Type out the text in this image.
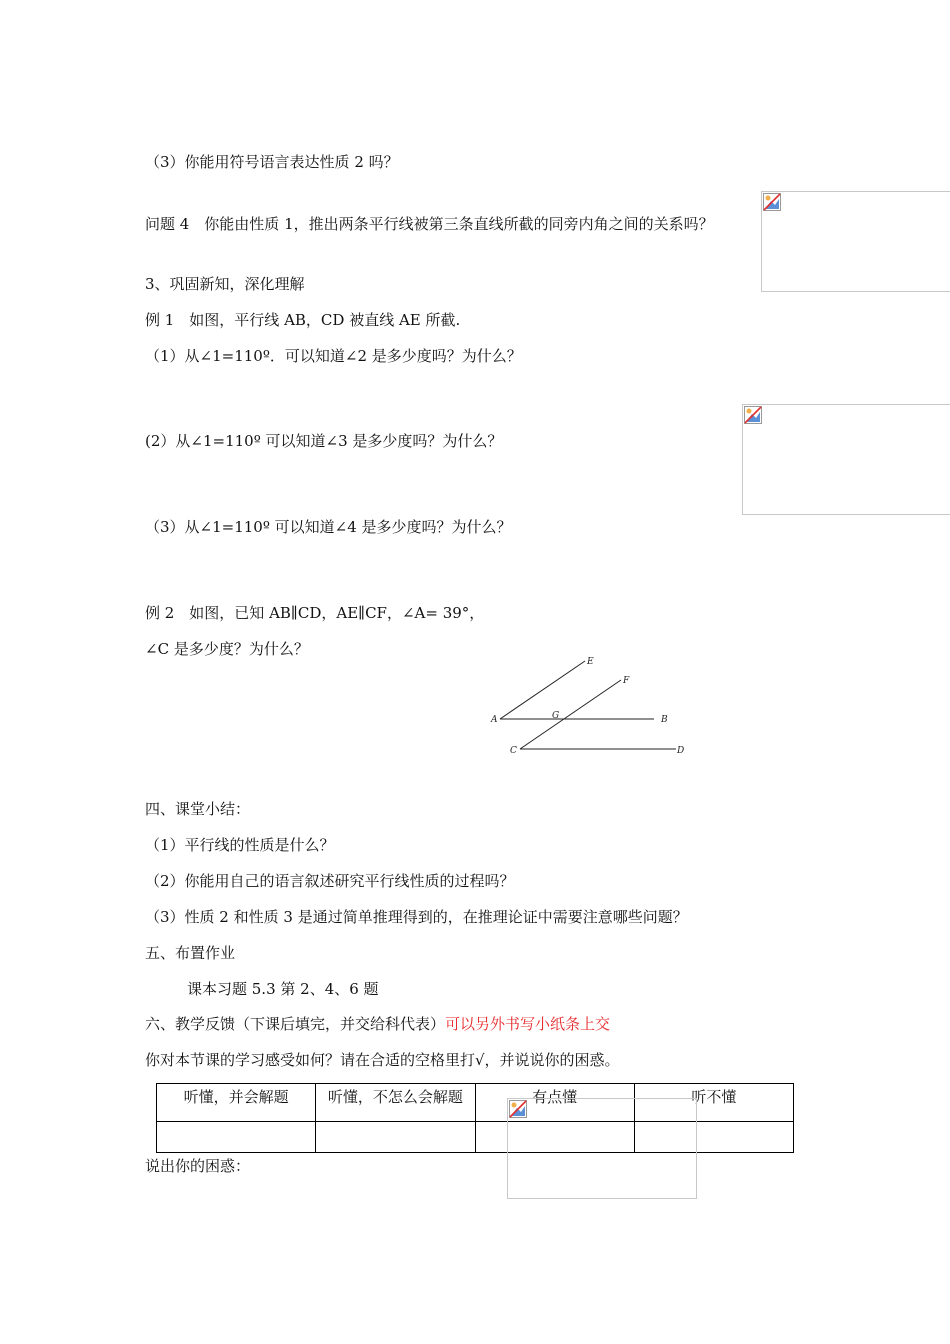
（3）你能用符号语言表达性质 2 吗？
问题 4　你能由性质 1，推出两条平行线被第三条直线所截的同旁内角之间的关系吗？
3、巩固新知，深化理解
例 1　如图，平行线 AB，CD 被直线 AE 所截.
（1）从∠1=110º．可以知道∠2 是多少度吗？为什么？
(2）从∠1=110º 可以知道∠3 是多少度吗？为什么？
（3）从∠1=110º 可以知道∠4 是多少度吗？为什么？
例 2　如图，已知 AB∥CD，AE∥CF，∠A= 39°，
∠C 是多少度？为什么？
E
F
A	G	B
C	D
四、课堂小结：
（1）平行线的性质是什么？
（2）你能用自己的语言叙述研究平行线性质的过程吗？
（3）性质 2 和性质 3 是通过简单推理得到的，在推理论证中需要注意哪些问题？
五、布置作业
课本习题 5.3 第 2、4、6 题
六、教学反馈（下课后填完，并交给科代表）可以另外书写小纸条上交
你对本节课的学习感受如何？请在合适的空格里打√，并说说你的困惑。
听懂，并会解题	听懂，不怎么会解题	有点懂	听不懂

说出你的困惑：
